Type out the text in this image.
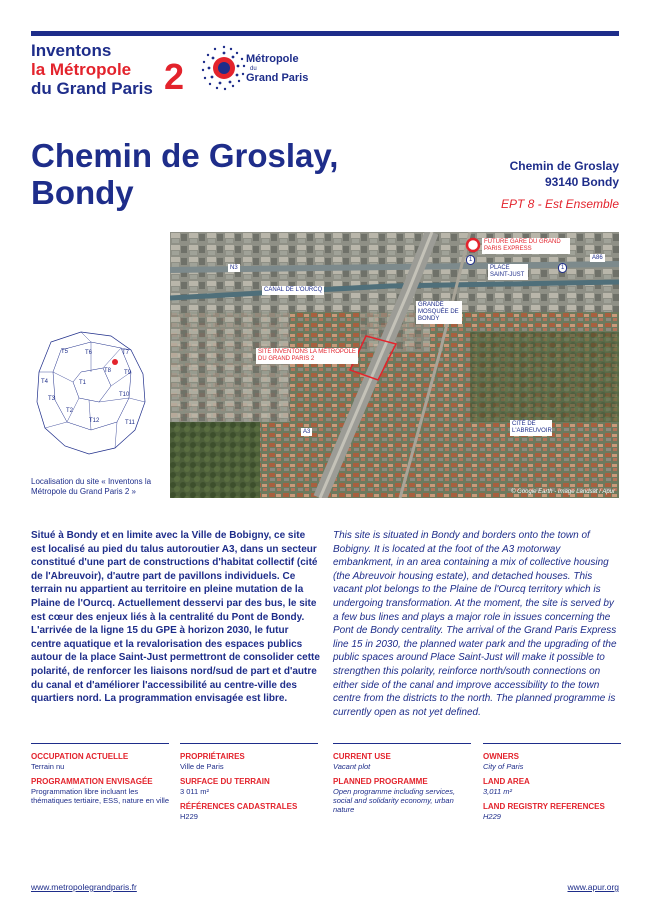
Inventons
la Métropole
du Grand Paris 2	Métropole
du
Grand Paris
Chemin de Groslay,
Bondy
Chemin de Groslay
93140 Bondy
EPT 8 - Est Ensemble
FUTURE GARE DU GRAND PARIS EXPRESS
CANAL DE L'OURCQ
GRANDE MOSQUÉE DE BONDY
PLACE SAINT-JUST
SITE INVENTONS LA MÉTROPOLE DU GRAND PARIS 2
CITÉ DE L'ABREUVOIR
N3
A86
A3
1
1
© Google Earth - Image Landsat / Apur
T5	T6	T7
T8 T9
T4	T1
T3
T2
T10
T12	T11
Localisation du site « Inventons la Métropole du Grand Paris 2 »

Situé à Bondy et en limite avec la Ville de Bobigny, ce site est localisé au pied du talus autoroutier A3, dans un secteur constitué d'une part de constructions d'habitat collectif (cité de l'Abreuvoir), d'autre part de pavillons individuels. Ce terrain nu appartient au territoire en pleine mutation de la Plaine de l'Ourcq. Actuellement desservi par des bus, le site est cœur des enjeux liés à la centralité du Pont de Bondy. L'arrivée de la ligne 15 du GPE à horizon 2030, le futur centre aquatique et la revalorisation des espaces publics autour de la place Saint-Just permettront de consolider cette polarité, de renforcer les liaisons nord/sud de part et d'autre du canal et d'améliorer l'accessibilité au centre-ville des quartiers nord. La programmation envisagée est libre.

This site is situated in Bondy and borders onto the town of Bobigny. It is located at the foot of the A3 motorway embankment, in an area containing a mix of collective housing (the Abreuvoir housing estate), and detached houses. This vacant plot belongs to the Plaine de l'Ourcq territory which is undergoing transformation. At the moment, the site is served by a few bus lines and plays a major role in issues concerning the Pont de Bondy centrality. The arrival of the Grand Paris Express line 15 in 2030, the planned water park and the upgrading of the public spaces around Place Saint-Just will make it possible to strengthen this polarity, reinforce north/south connections on either side of the canal and improve accessibility to the town centre from the districts to the north. The planned programme is currently open as not yet defined.

OCCUPATION ACTUELLE
Terrain nu
PROGRAMMATION ENVISAGÉE
Programmation libre incluant les thématiques tertiaire, ESS, nature en ville
PROPRIÉTAIRES
Ville de Paris
SURFACE DU TERRAIN
3 011 m²
RÉFÉRENCES CADASTRALES
H229
CURRENT USE
Vacant plot
PLANNED PROGRAMME
Open programme including services, social and solidarity economy, urban nature
OWNERS
City of Paris
LAND AREA
3,011 m²
LAND REGISTRY REFERENCES
H229
www.metropolegrandparis.fr	www.apur.org
